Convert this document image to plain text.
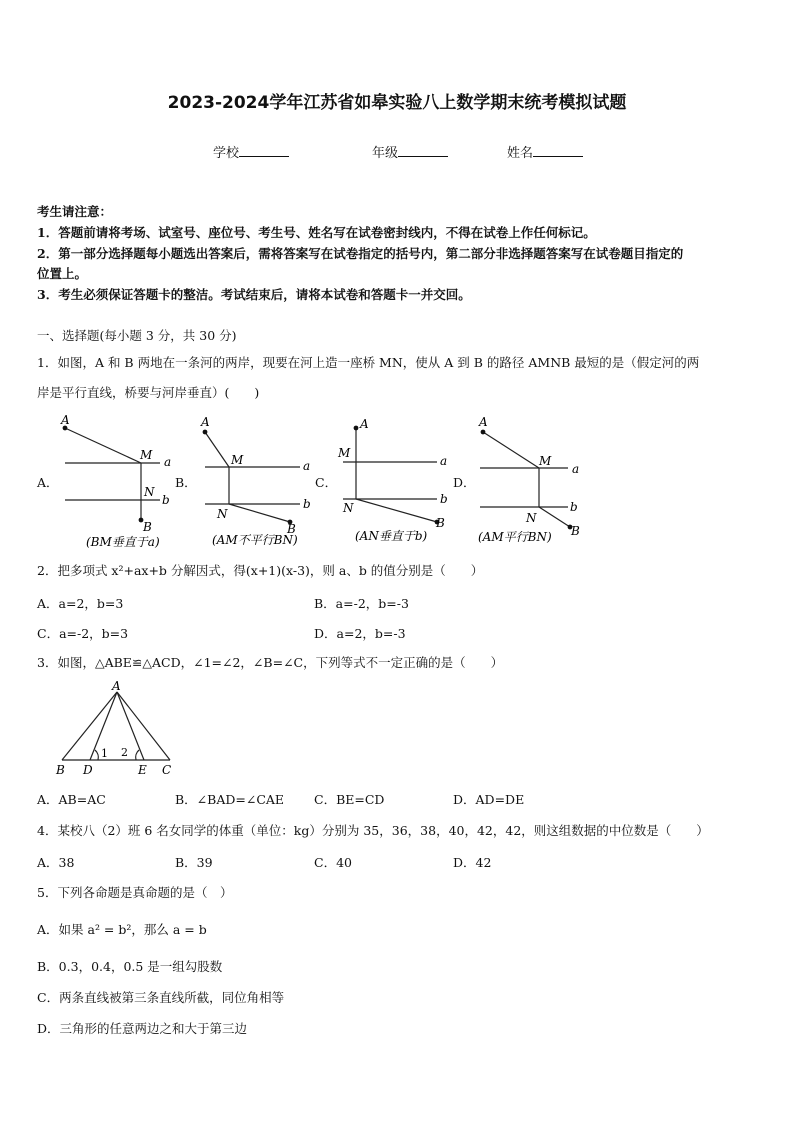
2023-2024学年江苏省如皋实验八上数学期末统考模拟试题
学校	年级	姓名
考生请注意：
1．答题前请将考场、试室号、座位号、考生号、姓名写在试卷密封线内，不得在试卷上作任何标记。
2．第一部分选择题每小题选出答案后，需将答案写在试卷指定的括号内，第二部分非选择题答案写在试卷题目指定的
位置上。
3．考生必须保证答题卡的整洁。考试结束后，请将本试卷和答题卡一并交回。
一、选择题(每小题 3 分，共 30 分)
1．如图，A 和 B 两地在一条河的两岸，现要在河上造一座桥 MN，使从 A 到 B 的路径 AMNB 最短的是（假定河的两
岸是平行直线，桥要与河岸垂直）(　　)
A．	B．	C．	D．
A
M a
N
b
B
A
M	a
N
b
B
A
M
a
N
b
B
A
M
a
N
b
B
(BM垂直于a)	(AM不平行BN)	(AN垂直于b)	(AM平行BN)
2．把多项式 x²+ax+b 分解因式，得(x+1)(x-3)，则 a、b 的值分别是（　　）
A．a=2，b=3	B．a=-2，b=-3
C．a=-2，b=3	D．a=2，b=-3
3．如图，△ABE≌△ACD，∠1=∠2，∠B=∠C，下列等式不一定正确的是（　　）
A
B D	E C
1 2
A．AB=AC	B．∠BAD=∠CAE C．BE=CD	D．AD=DE
4．某校八（2）班 6 名女同学的体重（单位：kg）分别为 35，36，38，40，42，42，则这组数据的中位数是（　　）
A．38	B．39	C．40	D．42
5．下列各命题是真命题的是（　）
A．如果 a² = b²，那么 a = b
B．0.3，0.4，0.5 是一组勾股数
C．两条直线被第三条直线所截，同位角相等
D．三角形的任意两边之和大于第三边
